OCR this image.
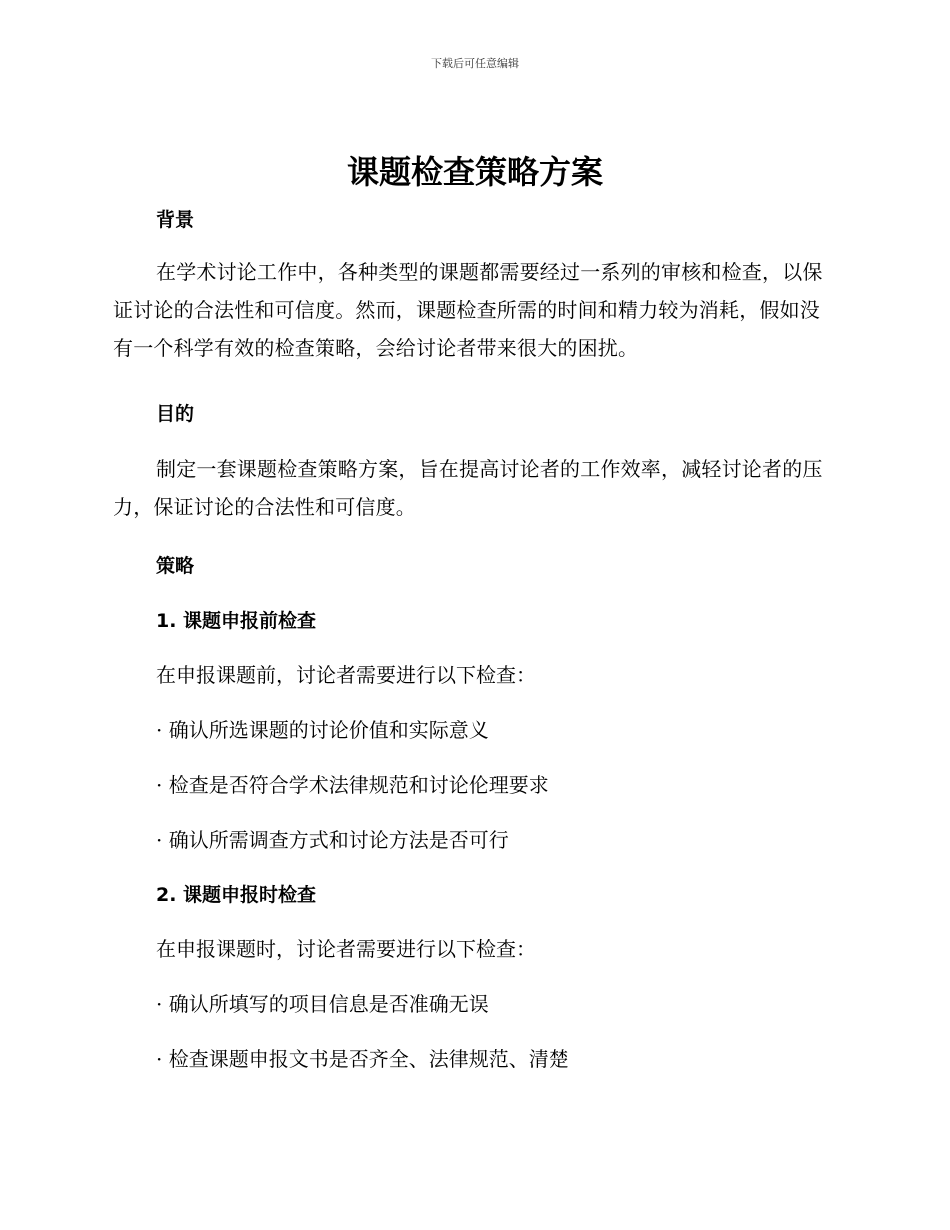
下载后可任意编辑
课题检查策略方案
背景

在学术讨论工作中，各种类型的课题都需要经过一系列的审核和检查，以保证讨论的合法性和可信度。然而，课题检查所需的时间和精力较为消耗，假如没有一个科学有效的检查策略，会给讨论者带来很大的困扰。

目的

制定一套课题检查策略方案，旨在提高讨论者的工作效率，减轻讨论者的压力，保证讨论的合法性和可信度。

策略
1. 课题申报前检查

在申报课题前，讨论者需要进行以下检查：

· 确认所选课题的讨论价值和实际意义

· 检查是否符合学术法律规范和讨论伦理要求

· 确认所需调查方式和讨论方法是否可行

2. 课题申报时检查

在申报课题时，讨论者需要进行以下检查：

· 确认所填写的项目信息是否准确无误

· 检查课题申报文书是否齐全、法律规范、清楚
